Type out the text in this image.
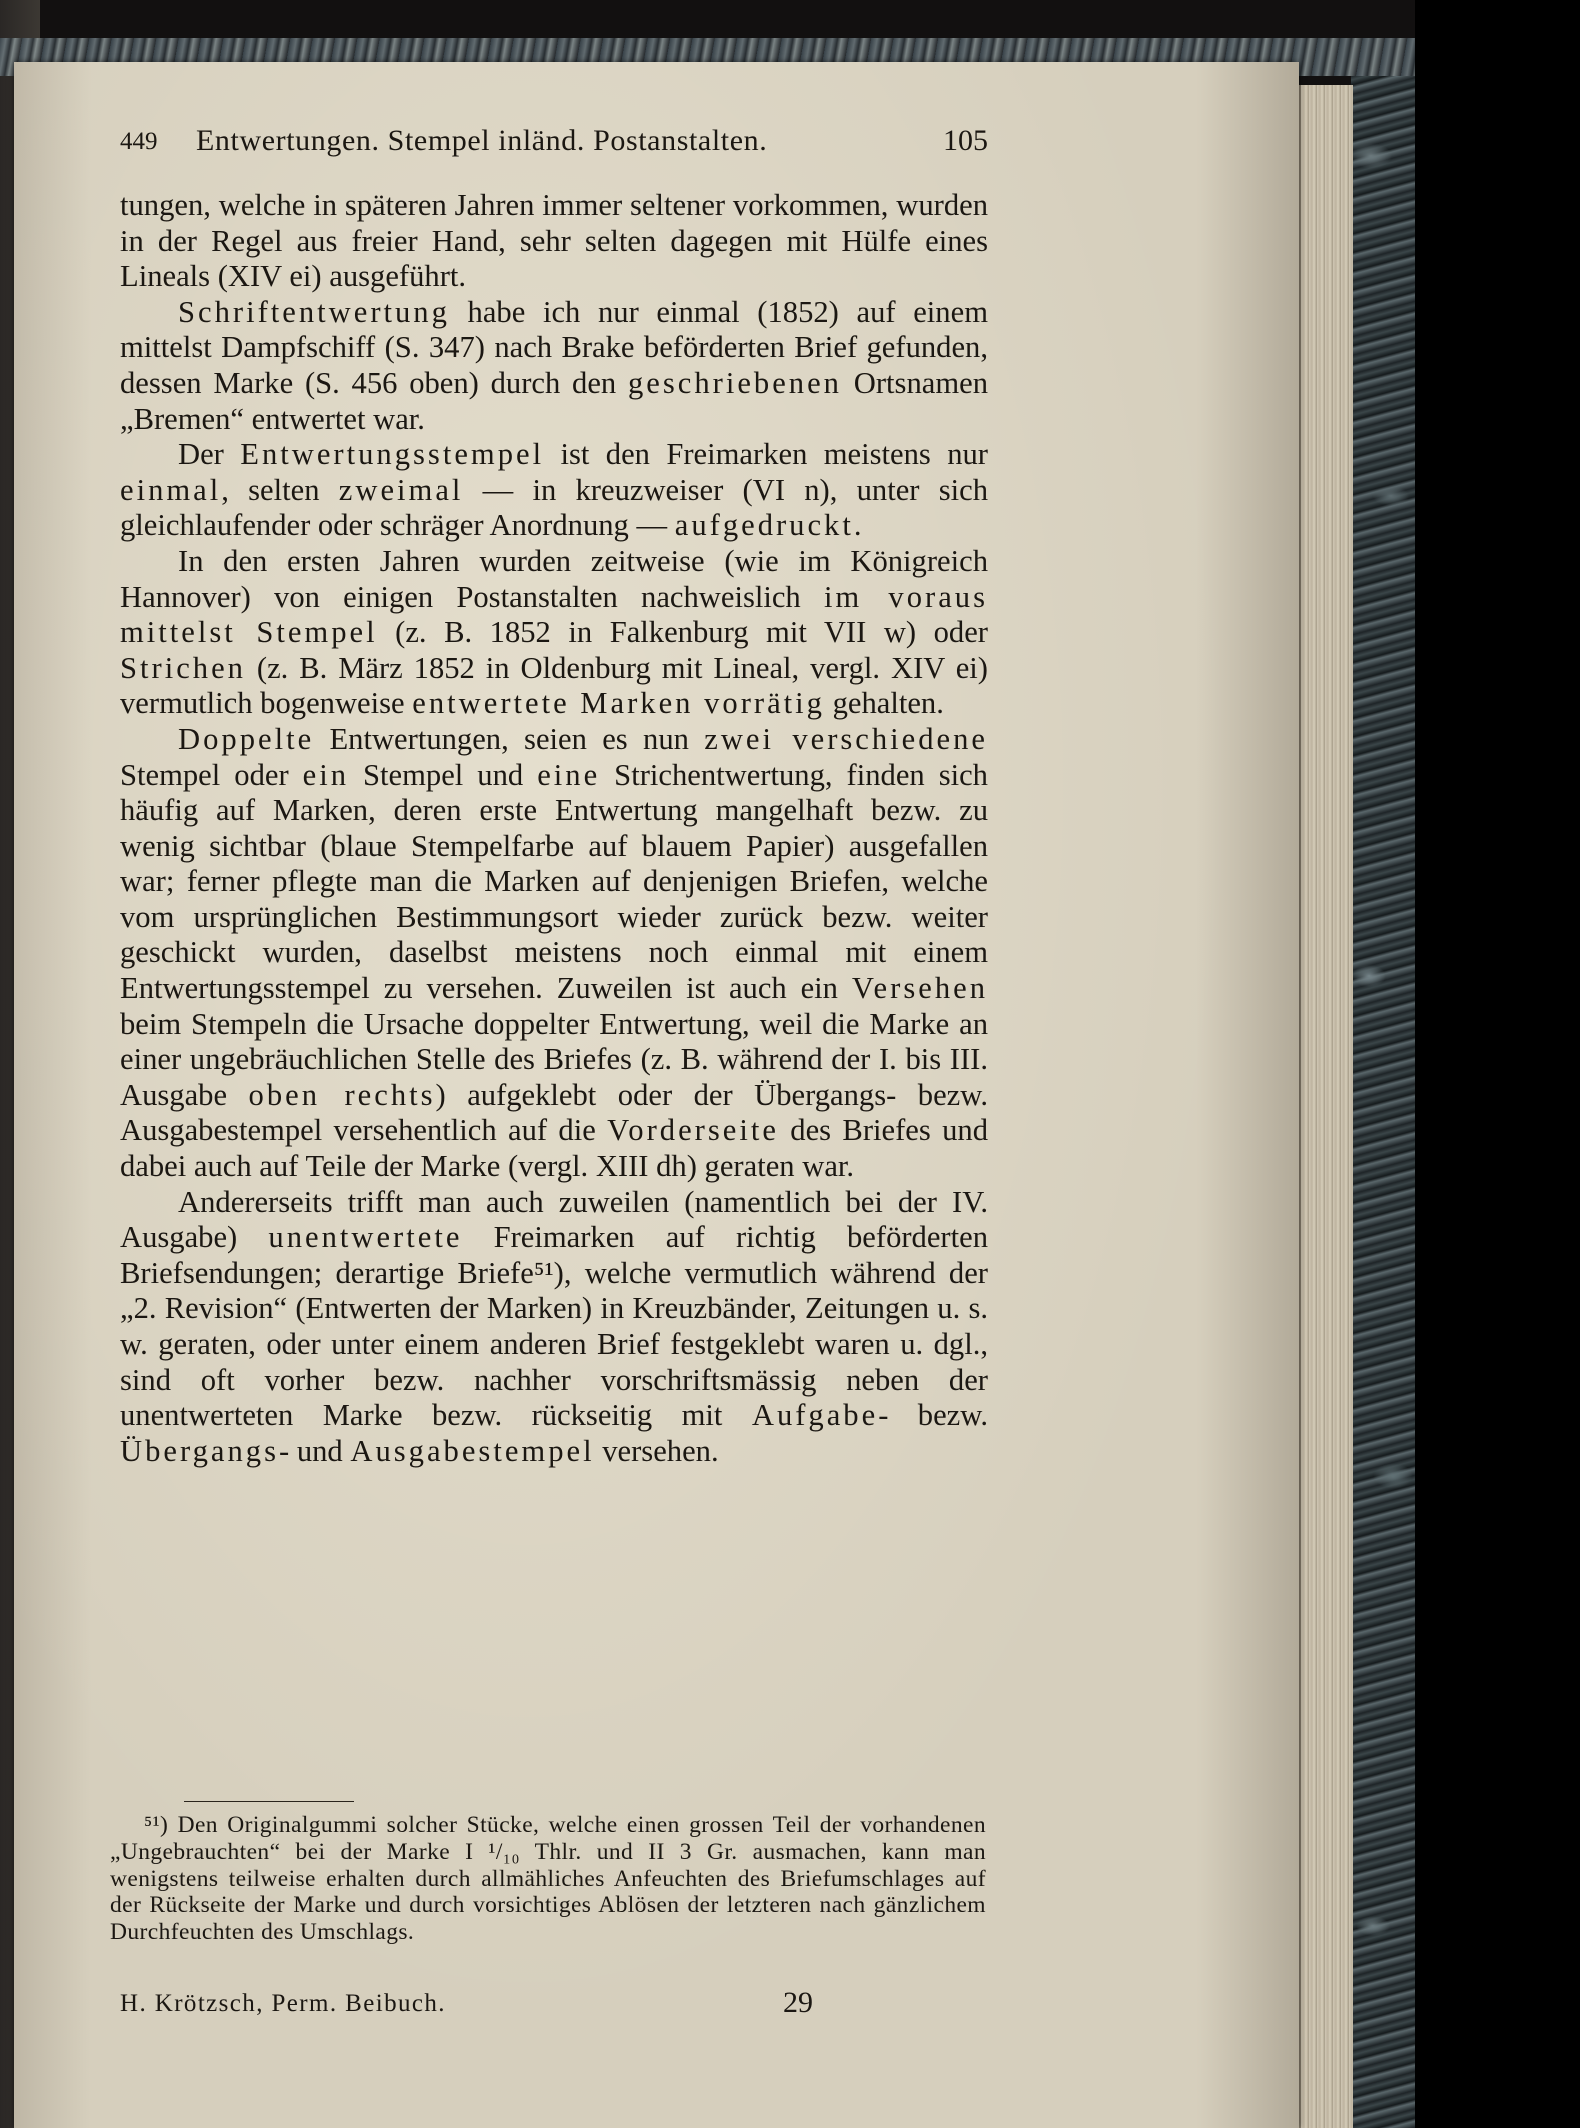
449 Entwertungen. Stempel inländ. Postanstalten.	105

tungen, welche in späteren Jahren immer seltener vorkommen, wurden in der Regel aus freier Hand, sehr selten dagegen mit Hülfe eines Lineals (XIV ei) ausgeführt.

Schriftentwertung habe ich nur einmal (1852) auf einem mittelst Dampfschiff (S. 347) nach Brake beförderten Brief gefunden, dessen Marke (S. 456 oben) durch den geschriebenen Ortsnamen „Bremen“ entwertet war.

Der Entwertungsstempel ist den Freimarken meistens nur einmal, selten zweimal — in kreuzweiser (VI n), unter sich gleichlaufender oder schräger Anordnung — aufgedruckt.

In den ersten Jahren wurden zeitweise (wie im Königreich Hannover) von einigen Postanstalten nachweislich im voraus mittelst Stempel (z. B. 1852 in Falkenburg mit VII w) oder Strichen (z. B. März 1852 in Oldenburg mit Lineal, vergl. XIV ei) vermutlich bogenweise entwertete Marken vorrätig gehalten.

Doppelte Entwertungen, seien es nun zwei verschiedene Stempel oder ein Stempel und eine Strichentwertung, finden sich häufig auf Marken, deren erste Entwertung mangelhaft bezw. zu wenig sichtbar (blaue Stempelfarbe auf blauem Papier) ausgefallen war; ferner pflegte man die Marken auf denjenigen Briefen, welche vom ursprünglichen Bestimmungsort wieder zurück bezw. weiter geschickt wurden, daselbst meistens noch einmal mit einem Entwertungsstempel zu versehen. Zuweilen ist auch ein Versehen beim Stempeln die Ursache doppelter Entwertung, weil die Marke an einer ungebräuchlichen Stelle des Briefes (z. B. während der I. bis III. Ausgabe oben rechts) aufgeklebt oder der Übergangs- bezw. Ausgabestempel versehentlich auf die Vorderseite des Briefes und dabei auch auf Teile der Marke (vergl. XIII dh) geraten war.

Andererseits trifft man auch zuweilen (namentlich bei der IV. Ausgabe) unentwertete Freimarken auf richtig beförderten Briefsendungen; derartige Briefe⁵¹), welche vermutlich während der „2. Revision“ (Entwerten der Marken) in Kreuzbänder, Zeitungen u. s. w. geraten, oder unter einem anderen Brief festgeklebt waren u. dgl., sind oft vorher bezw. nachher vorschriftsmässig neben der unentwerteten Marke bezw. rückseitig mit Aufgabe- bezw. Übergangs- und Ausgabestempel versehen.

⁵¹) Den Originalgummi solcher Stücke, welche einen grossen Teil der vorhandenen „Ungebrauchten“ bei der Marke I ¹/₁₀ Thlr. und II 3 Gr. ausmachen, kann man wenigstens teilweise erhalten durch allmähliches Anfeuchten des Briefumschlages auf der Rückseite der Marke und durch vorsichtiges Ablösen der letzteren nach gänzlichem Durchfeuchten des Umschlags.

H. Krötzsch, Perm. Beibuch.	29
